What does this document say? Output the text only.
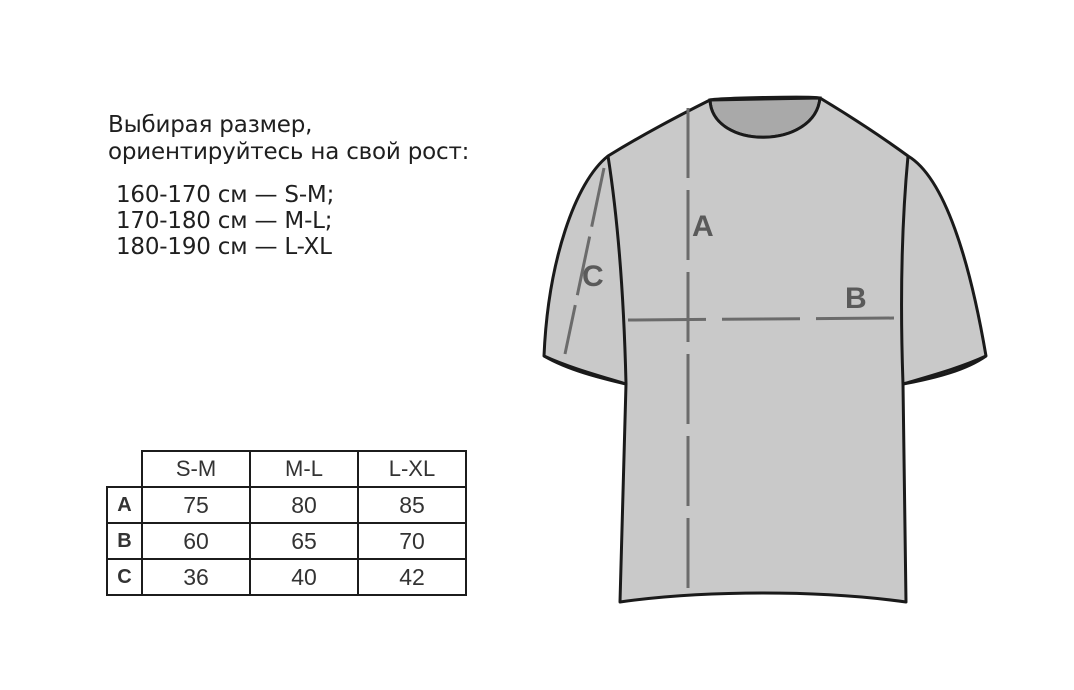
Выбирая размер,
ориентируйтесь на свой рост:
160-170 см — S-M;
170-180 см — M-L;
180-190 см — L-XL
	S-M	M-L	L-XL
A	75	80	85
B	60	65	70
C	36	40	42
A
B
C
